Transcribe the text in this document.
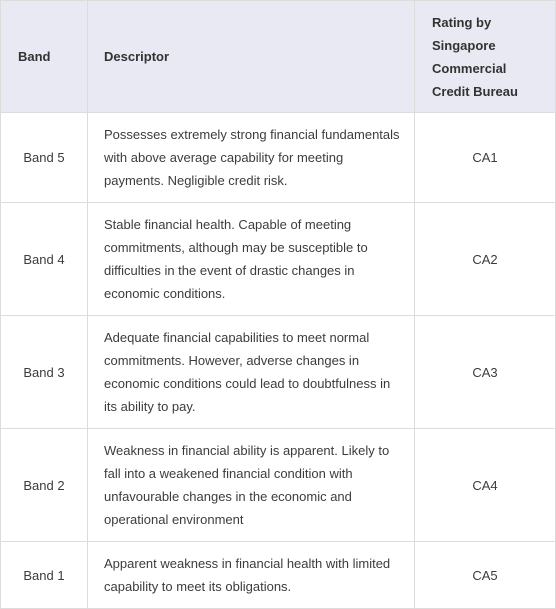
Band	Descriptor	Rating by Singapore Commercial Credit Bureau
Band 5	Possesses extremely strong financial fundamentals with above average capability for meeting payments. Negligible credit risk.	CA1
Band 4	Stable financial health. Capable of meeting commitments, although may be susceptible to difficulties in the event of drastic changes in economic conditions.	CA2
Band 3	Adequate financial capabilities to meet normal commitments. However, adverse changes in economic conditions could lead to doubtfulness in its ability to pay.	CA3
Band 2	Weakness in financial ability is apparent. Likely to fall into a weakened financial condition with unfavourable changes in the economic and operational environment	CA4
Band 1	Apparent weakness in financial health with limited capability to meet its obligations.	CA5
